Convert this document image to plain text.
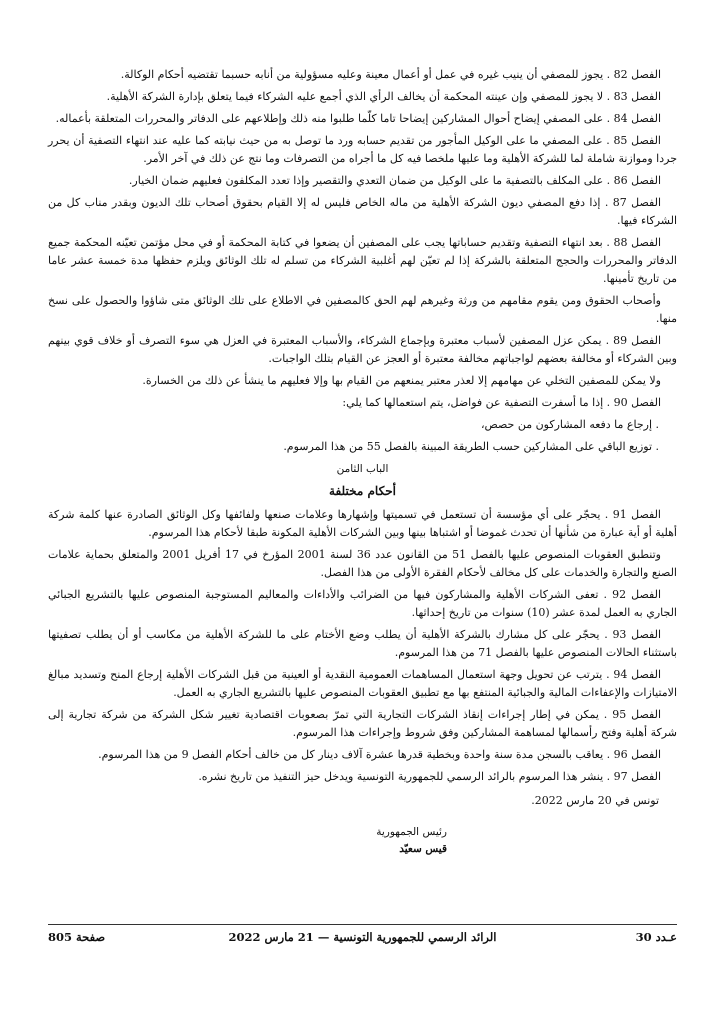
الفصل 82 . يجوز للمصفي أن ينيب غيره في عمل أو أعمال معينة وعليه مسؤولية من أنابه حسبما تقتضيه أحكام الوكالة.

الفصل 83 . لا يجوز للمصفي وإن عينته المحكمة أن يخالف الرأي الذي أجمع عليه الشركاء فيما يتعلق بإدارة الشركة الأهلية.

الفصل 84 . على المصفي إيضاح أحوال المشاركين إيضاحا تاما كلّما طلبوا منه ذلك وإطلاعهم على الدفاتر والمحررات المتعلقة بأعماله.

الفصل 85 . على المصفي ما على الوكيل المأجور من تقديم حسابه ورد ما توصل به من حيث نيابته كما عليه عند انتهاء التصفية أن يحرر جردا وموازنة شاملة لما للشركة الأهلية وما عليها ملخصا فيه كل ما أجراه من التصرفات وما نتج عن ذلك في آخر الأمر.

الفصل 86 . على المكلف بالتصفية ما على الوكيل من ضمان التعدي والتقصير وإذا تعدد المكلفون فعليهم ضمان الخيار.

الفصل 87 . إذا دفع المصفي ديون الشركة الأهلية من ماله الخاص فليس له إلا القيام بحقوق أصحاب تلك الديون وبقدر مناب كل من الشركاء فيها.

الفصل 88 . بعد انتهاء التصفية وتقديم حساباتها يجب على المصفين أن يضعوا في كتابة المحكمة أو في محل مؤتمن تعيّنه المحكمة جميع الدفاتر والمحررات والحجج المتعلقة بالشركة إذا لم تعيّن لهم أغلبية الشركاء من تسلم له تلك الوثائق ويلزم حفظها مدة خمسة عشر عاما من تاريخ تأمينها.

وأصحاب الحقوق ومن يقوم مقامهم من ورثة وغيرهم لهم الحق كالمصفين في الاطلاع على تلك الوثائق متى شاؤوا والحصول على نسخ منها.

الفصل 89 . يمكن عزل المصفين لأسباب معتبرة وبإجماع الشركاء، والأسباب المعتبرة في العزل هي سوء التصرف أو خلاف قوي بينهم وبين الشركاء أو مخالفة بعضهم لواجباتهم مخالفة معتبرة أو العجز عن القيام بتلك الواجبات.

ولا يمكن للمصفين التخلي عن مهامهم إلا لعذر معتبر يمنعهم من القيام بها وإلا فعليهم ما ينشأ عن ذلك من الخسارة.

الفصل 90 . إذا ما أسفرت التصفية عن فواضل، يتم استعمالها كما يلي:

. إرجاع ما دفعه المشاركون من حصص،

. توزيع الباقي على المشاركين حسب الطريقة المبينة بالفصل 55 من هذا المرسوم.

الباب الثامن
أحكام مختلفة

الفصل 91 . يحجّر على أي مؤسسة أن تستعمل في تسميتها وإشهارها وعلامات صنعها ولفائفها وكل الوثائق الصادرة عنها كلمة شركة أهلية أو أية عبارة من شأنها أن تحدث غموضا أو اشتباها بينها وبين الشركات الأهلية المكونة طبقا لأحكام هذا المرسوم.

وتنطبق العقوبات المنصوص عليها بالفصل 51 من القانون عدد 36 لسنة 2001 المؤرخ في 17 أفريل 2001 والمتعلق بحماية علامات الصنع والتجارة والخدمات على كل مخالف لأحكام الفقرة الأولى من هذا الفصل.

الفصل 92 . تعفى الشركات الأهلية والمشاركون فيها من الضرائب والأداءات والمعاليم المستوجبة المنصوص عليها بالتشريع الجبائي الجاري به العمل لمدة عشر (10) سنوات من تاريخ إحداثها.

الفصل 93 . يحجّر على كل مشارك بالشركة الأهلية أن يطلب وضع الأختام على ما للشركة الأهلية من مكاسب أو أن يطلب تصفيتها باستثناء الحالات المنصوص عليها بالفصل 71 من هذا المرسوم.

الفصل 94 . يترتب عن تحويل وجهة استعمال المساهمات العمومية النقدية أو العينية من قبل الشركات الأهلية إرجاع المنح وتسديد مبالغ الامتيازات والإعفاءات المالية والجبائية المنتفع بها مع تطبيق العقوبات المنصوص عليها بالتشريع الجاري به العمل.

الفصل 95 . يمكن في إطار إجراءات إنقاذ الشركات التجارية التي تمرّ بصعوبات اقتصادية تغيير شكل الشركة من شركة تجارية إلى شركة أهلية وفتح رأسمالها لمساهمة المشاركين وفق شروط وإجراءات هذا المرسوم.

الفصل 96 . يعاقب بالسجن مدة سنة واحدة وبخطية قدرها عشرة آلاف دينار كل من خالف أحكام الفصل 9 من هذا المرسوم.

الفصل 97 . ينشر هذا المرسوم بالرائد الرسمي للجمهورية التونسية ويدخل حيز التنفيذ من تاريخ نشره.

تونس في 20 مارس 2022.
رئيس الجمهورية
قيس سعيّد
عـدد 30
الرائد الرسمي للجمهورية التونسية — 21 مارس 2022
صفحة 805
